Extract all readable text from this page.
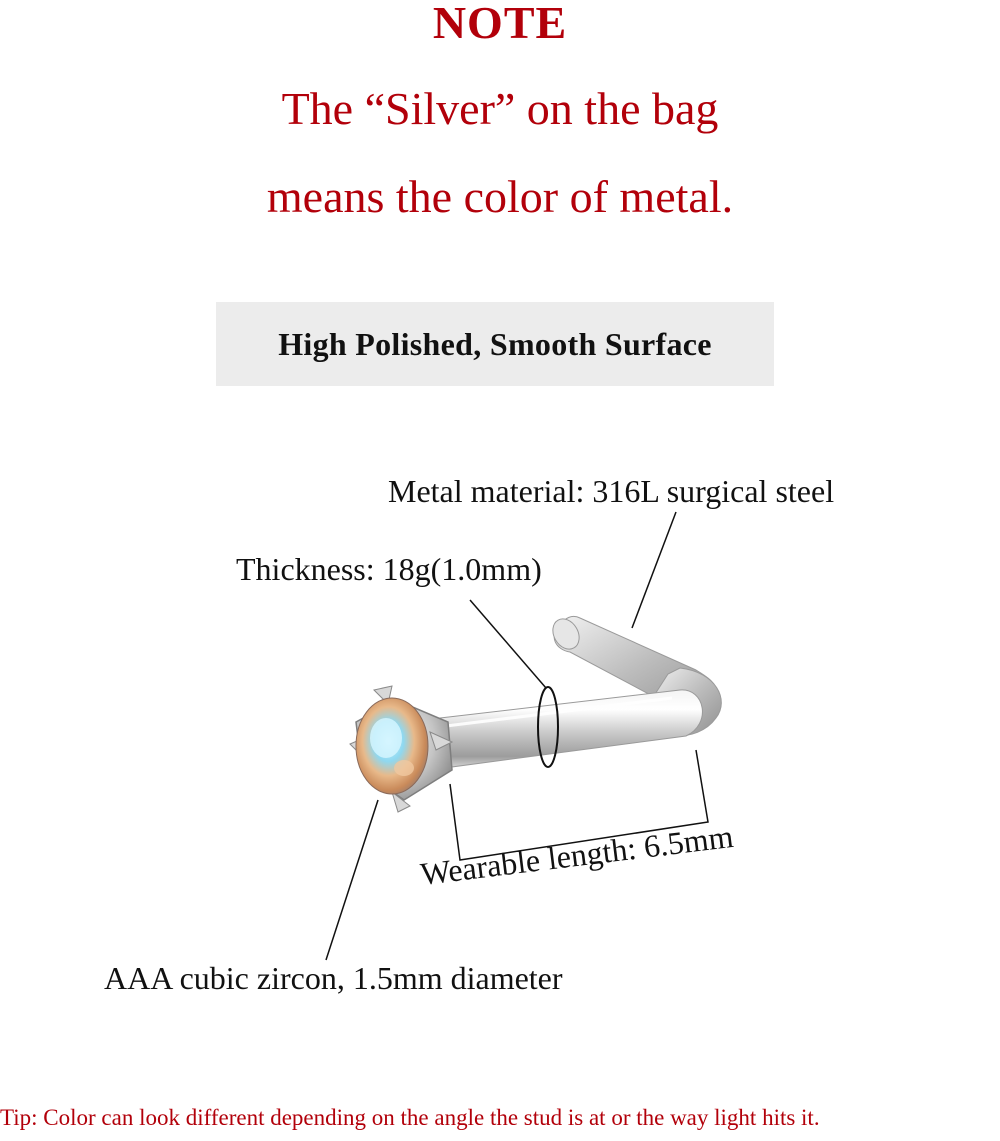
NOTE
The “Silver” on the bag
means the color of metal.
High Polished, Smooth Surface
Metal material: 316L surgical steel
Thickness: 18g(1.0mm)
Wearable length: 6.5mm
AAA cubic zircon, 1.5mm diameter
Tip: Color can look different depending on the angle the stud is at or the way light hits it.
